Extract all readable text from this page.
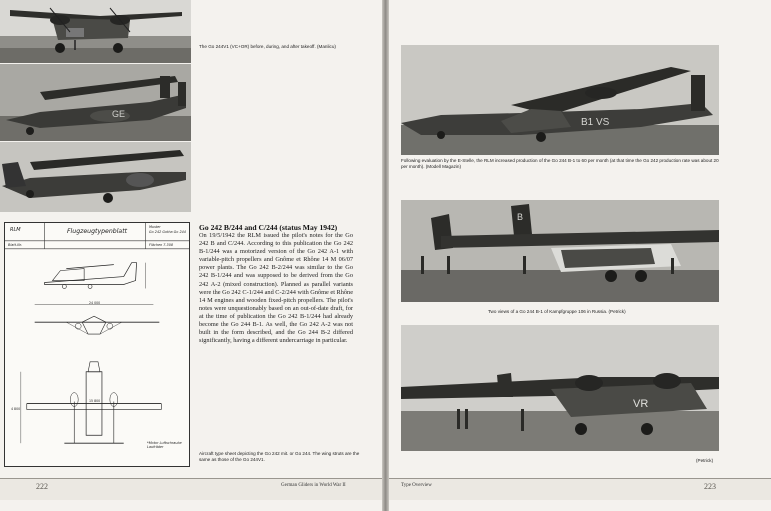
The Go 244V1 (VC+OR) before, during, and after takeoff. (Manlicu)
GE
RLM	Flugzeugtypenblatt
Muster
Go 242 Gotha Go 244
Blatt-Nr.	Flächen 7.308
24 000
15 800
4 800
*Motor Luftschraube Laufräder
Go 242 B/244 and C/244 (status May 1942)
On 19/5/1942 the RLM issued the pilot's notes for the Go 242 B and C/244. According to this publication the Go 242 B-1/244 was a motorized version of the Go 242 A-1 with variable-pitch propellers and Gnôme et Rhône 14 M 06/07 power plants. The Go 242 B-2/244 was similar to the Go 242 B-1/244 and was supposed to be derived from the Go 242 A-2 (mixed construction). Planned as parallel variants were the Go 242 C-1/244 and C-2/244 with Gnôme et Rhône 14 M engines and wooden fixed-pitch propellers. The pilot's notes were unquestionably based on an out-of-date draft, for at the time of publication the Go 242 B-1/244 had already become the Go 244 B-1. As well, the Go 242 A-2 was not built in the form described, and the Go 244 B-2 differed significantly, having a different undercarriage in particular.
Aircraft type sheet depicting the Go 242 mit. or Go 244. The wing struts are the same as those of the Go 244V1.
222	German Gliders in World War II
B1 VS
Following evaluation by the E-Stelle, the RLM increased production of the Go 244 B-1 to 60 per month (at that time the Go 242 production rate was about 20 per month). (Modell Magazin)
B
Two views of a Go 244 B-1 of Kampfgruppe 106 in Russia. (Petrick)
VR
(Petrick)
Type Overview	223
